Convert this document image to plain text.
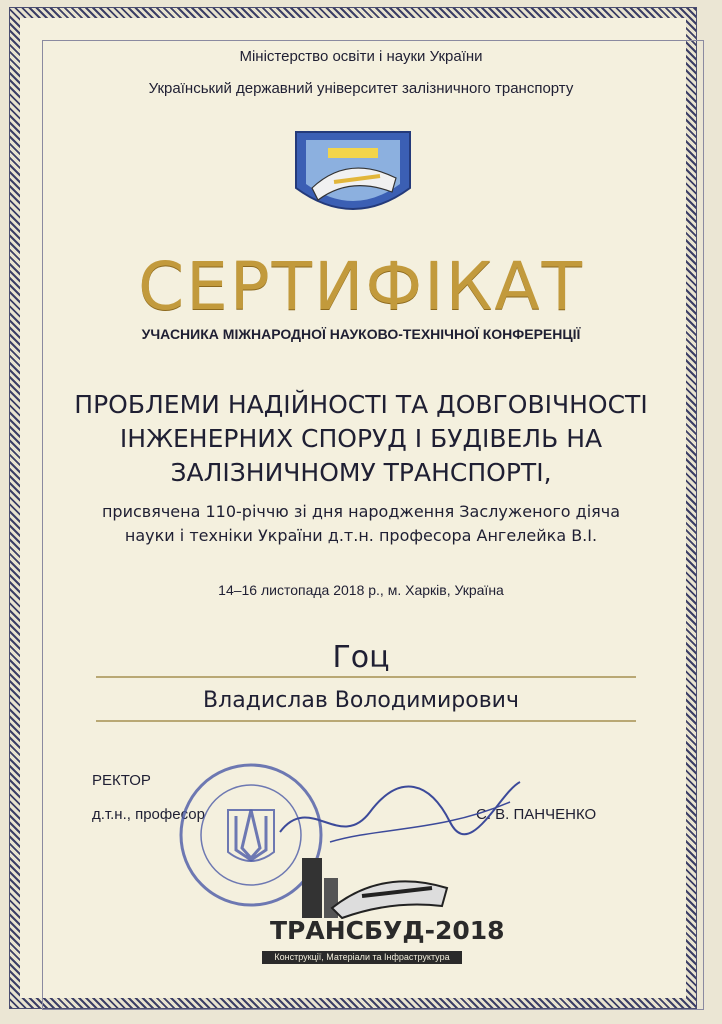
Міністерство освіти і науки України
Український державний університет залізничного транспорту
СЕРТИФІКАТ
УЧАСНИКА МІЖНАРОДНОЇ НАУКОВО-ТЕХНІЧНОЇ КОНФЕРЕНЦІЇ
ПРОБЛЕМИ НАДІЙНОСТІ ТА ДОВГОВІЧНОСТІ
ІНЖЕНЕРНИХ СПОРУД І БУДІВЕЛЬ НА
ЗАЛІЗНИЧНОМУ ТРАНСПОРТІ,
присвячена 110-річчю зі дня народження Заслуженого діяча
науки і техніки України д.т.н. професора Ангелейка В.І.
14–16 листопада 2018 р., м. Харків, Україна
Гоц
Владислав Володимирович
РЕКТОР
д.т.н., професор	С. В. ПАНЧЕНКО
ТРАНСБУД-2018
Конструкції, Матеріали та Інфраструктура
